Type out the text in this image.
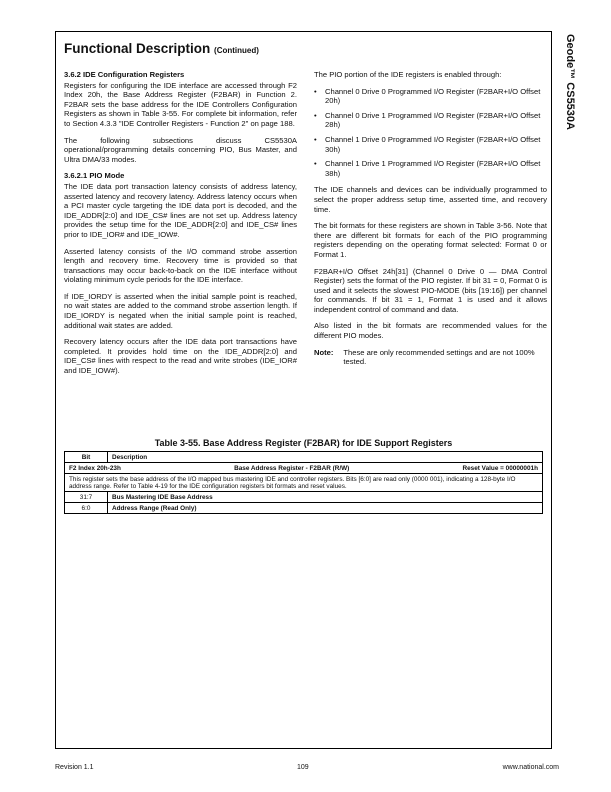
Geode™ CS5530A
Functional Description (Continued)
3.6.2 IDE Configuration Registers

Registers for configuring the IDE interface are accessed through F2 Index 20h, the Base Address Register (F2BAR) in Function 2. F2BAR sets the base address for the IDE Controllers Configuration Registers as shown in Table 3-55. For complete bit information, refer to Section 4.3.3 "IDE Controller Registers - Function 2" on page 188.

The following subsections discuss CS5530A operational/programming details concerning PIO, Bus Master, and Ultra DMA/33 modes.

3.6.2.1 PIO Mode

The IDE data port transaction latency consists of address latency, asserted latency and recovery latency. Address latency occurs when a PCI master cycle targeting the IDE data port is decoded, and the IDE_ADDR[2:0] and IDE_CS# lines are not set up. Address latency provides the setup time for the IDE_ADDR[2:0] and IDE_CS# lines prior to IDE_IOR# and IDE_IOW#.

Asserted latency consists of the I/O command strobe assertion length and recovery time. Recovery time is provided so that transactions may occur back-to-back on the IDE interface without violating minimum cycle periods for the IDE interface.

If IDE_IORDY is asserted when the initial sample point is reached, no wait states are added to the command strobe assertion length. If IDE_IORDY is negated when the initial sample point is reached, additional wait states are added.

Recovery latency occurs after the IDE data port transactions have completed. It provides hold time on the IDE_ADDR[2:0] and IDE_CS# lines with respect to the read and write strobes (IDE_IOR# and IDE_IOW#).

The PIO portion of the IDE registers is enabled through:

• Channel 0 Drive 0 Programmed I/O Register (F2BAR+I/O Offset 20h)
• Channel 0 Drive 1 Programmed I/O Register (F2BAR+I/O Offset 28h)
• Channel 1 Drive 0 Programmed I/O Register (F2BAR+I/O Offset 30h)
• Channel 1 Drive 1 Programmed I/O Register (F2BAR+I/O Offset 38h)

The IDE channels and devices can be individually programmed to select the proper address setup time, asserted time, and recovery time.

The bit formats for these registers are shown in Table 3-56. Note that there are different bit formats for each of the PIO programming registers depending on the operating format selected: Format 0 or Format 1.

F2BAR+I/O Offset 24h[31] (Channel 0 Drive 0 — DMA Control Register) sets the format of the PIO register. If bit 31 = 0, Format 0 is used and it selects the slowest PIO-MODE (bits [19:16]) per channel for commands. If bit 31 = 1, Format 1 is used and it allows independent control of command and data.

Also listed in the bit formats are recommended values for the different PIO modes.

Note: These are only recommended settings and are not 100% tested.
Table 3-55. Base Address Register (F2BAR) for IDE Support Registers
Bit	Description

F2 Index 20h-23h Base Address Register - F2BAR (R/W) Reset Value = 00000001h	

This register sets the base address of the I/O mapped bus mastering IDE and controller registers. Bits [6:0] are read only (0000 001), indicating a 128-byte I/O address range. Refer to Table 4-19 for the IDE configuration registers bit formats and reset values.	
31:7	Bus Mastering IDE Base Address
6:0	Address Range (Read Only)
Revision 1.1	109	www.national.com
